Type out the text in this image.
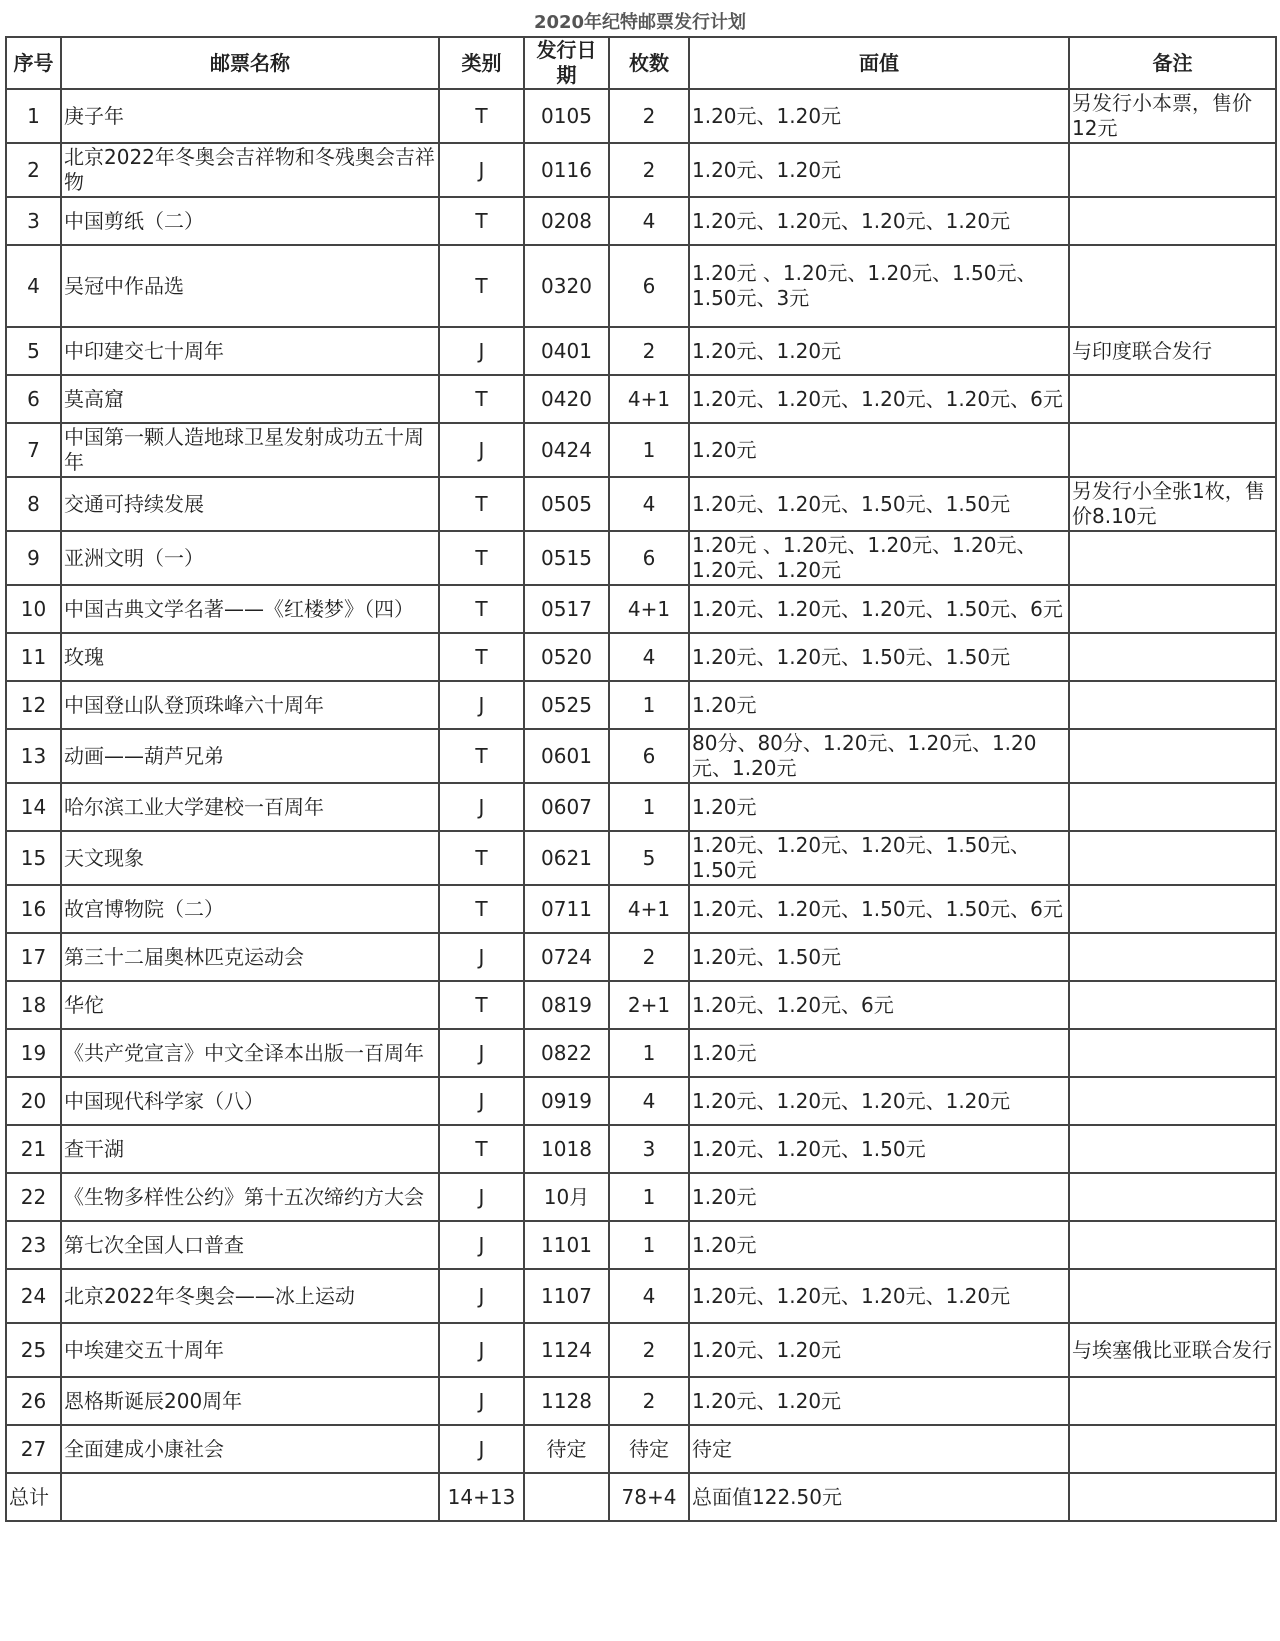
2020年纪特邮票发行计划
序号	邮票名称	类别	发行日期	枚数	面值	备注
1	庚子年	T	0105	2	1.20元、1.20元	另发行小本票，售价12元
2	北京2022年冬奥会吉祥物和冬残奥会吉祥物	J	0116	2	1.20元、1.20元	
3	中国剪纸（二）	T	0208	4	1.20元、1.20元、1.20元、1.20元	
4	吴冠中作品选	T	0320	6	1.20元 、1.20元、1.20元、1.50元、1.50元、3元	
5	中印建交七十周年	J	0401	2	1.20元、1.20元	与印度联合发行
6	莫高窟	T	0420	4+1	1.20元、1.20元、1.20元、1.20元、6元	
7	中国第一颗人造地球卫星发射成功五十周年	J	0424	1	1.20元	
8	交通可持续发展	T	0505	4	1.20元、1.20元、1.50元、1.50元	另发行小全张1枚，售价8.10元
9	亚洲文明（一）	T	0515	6	1.20元 、1.20元、1.20元、1.20元、1.20元、1.20元	
10	中国古典文学名著——《红楼梦》（四）	T	0517	4+1	1.20元、1.20元、1.20元、1.50元、6元	
11	玫瑰	T	0520	4	1.20元、1.20元、1.50元、1.50元	
12	中国登山队登顶珠峰六十周年	J	0525	1	1.20元	
13	动画——葫芦兄弟	T	0601	6	80分、80分、1.20元、1.20元、1.20元、1.20元	
14	哈尔滨工业大学建校一百周年	J	0607	1	1.20元	
15	天文现象	T	0621	5	1.20元、1.20元、1.20元、1.50元、1.50元	
16	故宫博物院（二）	T	0711	4+1	1.20元、1.20元、1.50元、1.50元、6元	
17	第三十二届奥林匹克运动会	J	0724	2	1.20元、1.50元	
18	华佗	T	0819	2+1	1.20元、1.20元、6元	
19	《共产党宣言》中文全译本出版一百周年	J	0822	1	1.20元	
20	中国现代科学家（八）	J	0919	4	1.20元、1.20元、1.20元、1.20元	
21	查干湖	T	1018	3	1.20元、1.20元、1.50元	
22	《生物多样性公约》第十五次缔约方大会	J	10月	1	1.20元	
23	第七次全国人口普查	J	1101	1	1.20元	
24	北京2022年冬奥会——冰上运动	J	1107	4	1.20元、1.20元、1.20元、1.20元	
25	中埃建交五十周年	J	1124	2	1.20元、1.20元	与埃塞俄比亚联合发行
26	恩格斯诞辰200周年	J	1128	2	1.20元、1.20元	
27	全面建成小康社会	J	待定	待定	待定	
总计		14+13		78+4	总面值122.50元	
